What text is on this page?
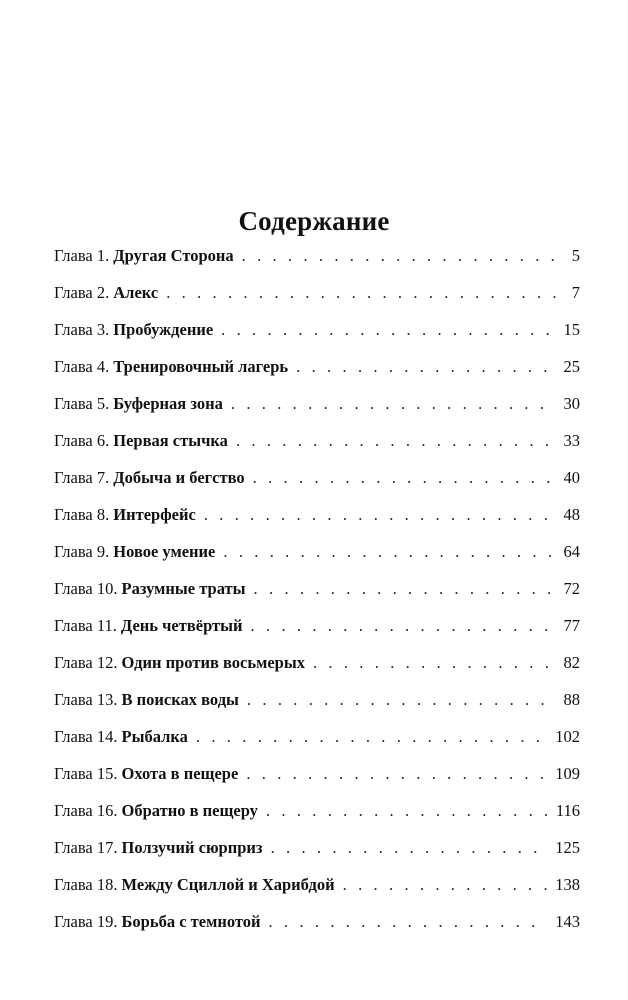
Содержание
Глава 1. Другая Сторона . . .	5
Глава 2. Алекс . . .	7
Глава 3. Пробуждение . . .	15
Глава 4. Тренировочный лагерь . . .	25
Глава 5. Буферная зона . . .	30
Глава 6. Первая стычка . . .	33
Глава 7. Добыча и бегство . . .	40
Глава 8. Интерфейс . . .	48
Глава 9. Новое умение . . .	64
Глава 10. Разумные траты . . .	72
Глава 11. День четвёртый . . .	77
Глава 12. Один против восьмерых . . .	82
Глава 13. В поисках воды . . .	88
Глава 14. Рыбалка . . .	102
Глава 15. Охота в пещере . . .	109
Глава 16. Обратно в пещеру . . .	116
Глава 17. Ползучий сюрприз . . .	125
Глава 18. Между Сциллой и Харибдой . . .	138
Глава 19. Борьба с темнотой . . .	143
